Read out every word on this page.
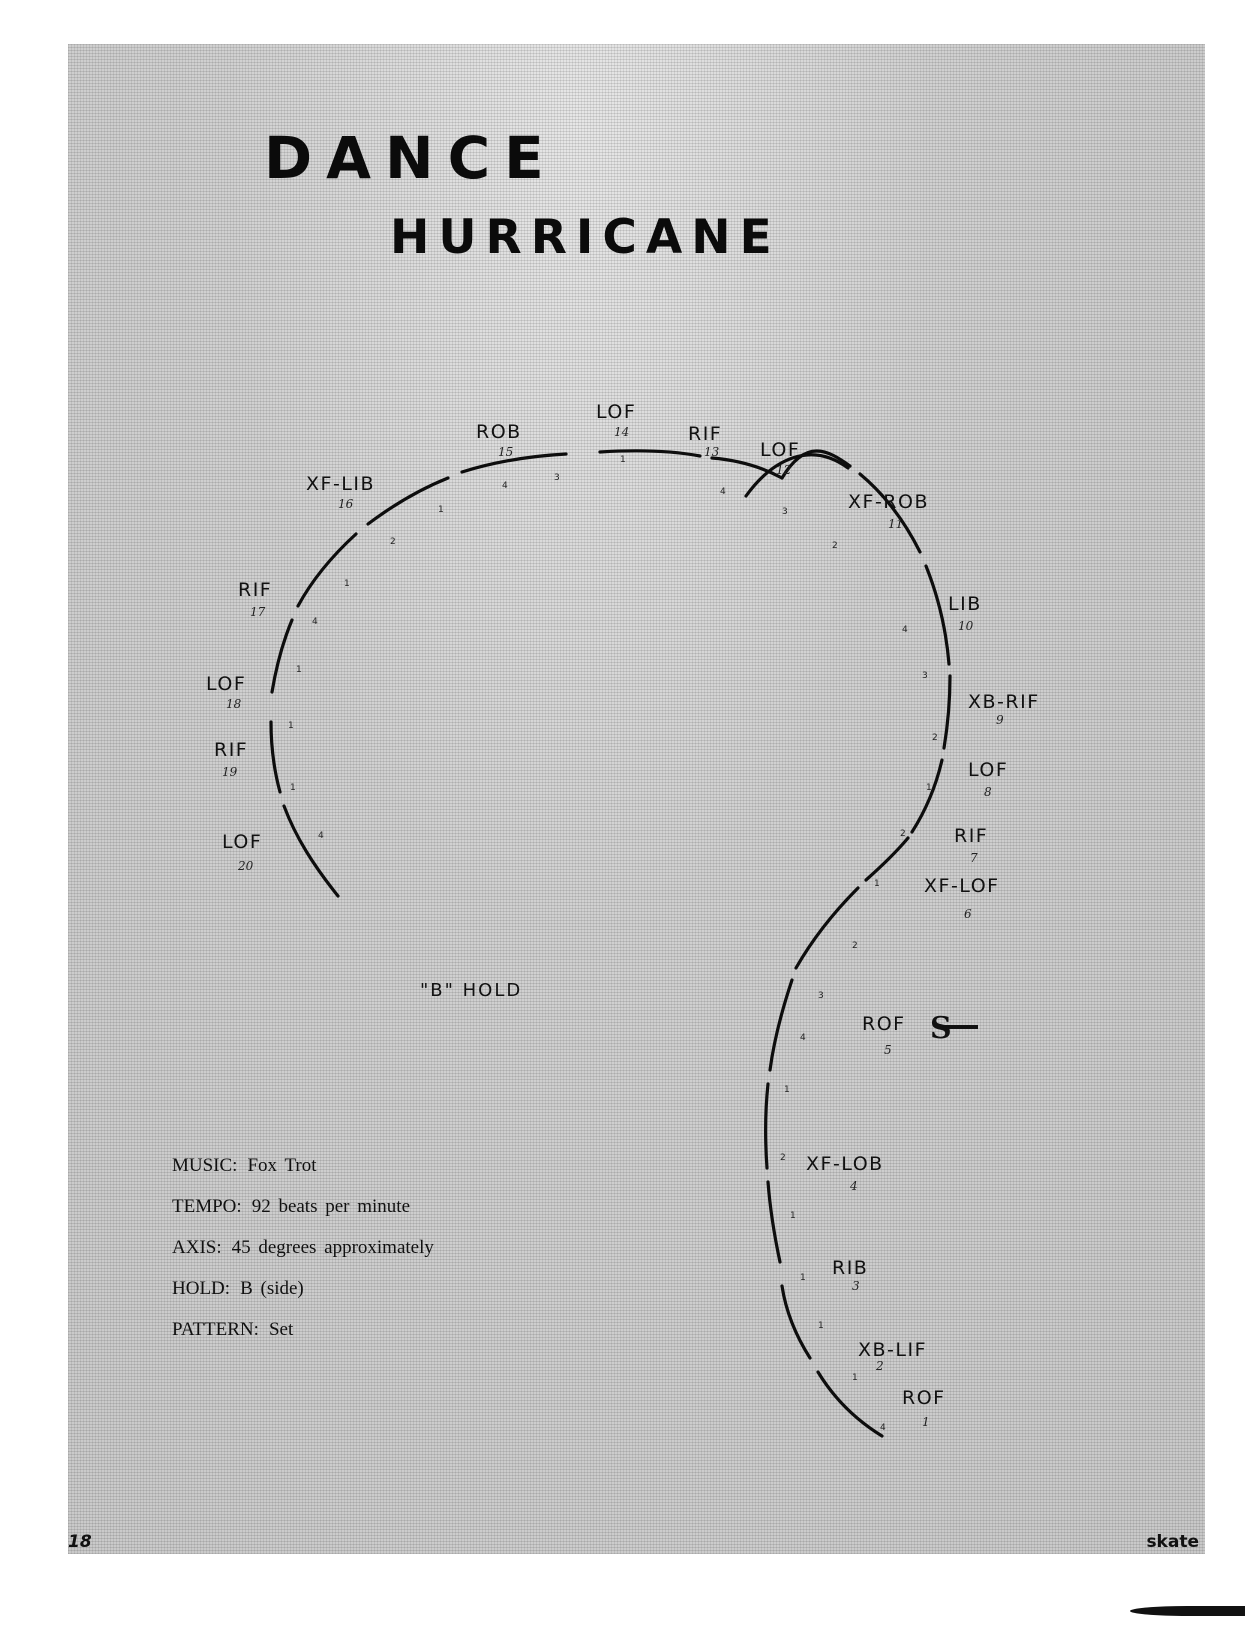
DANCE
HURRICANE
4
1
1
1
1
2
1
4
3
2
1
2
1
2
3
4
2
3
4
1
3
4
1
2
1
4
1
1
1
4
ROF
1
XB-LIF
2
RIB
3
XF-LOB
4
ROF
5
XF-LOF
6
RIF
7
LOF
8
XB-RIF
9
LIB
10
XF-ROB
11
LOF
12
RIF
13
LOF
14
ROB
15
XF-LIB
16
RIF
17
LOF
18
RIF
19
LOF
20
S
"B" HOLD
MUSIC: Fox Trot
TEMPO: 92 beats per minute
AXIS: 45 degrees approximately
HOLD: B (side)
PATTERN: Set
18	skate
